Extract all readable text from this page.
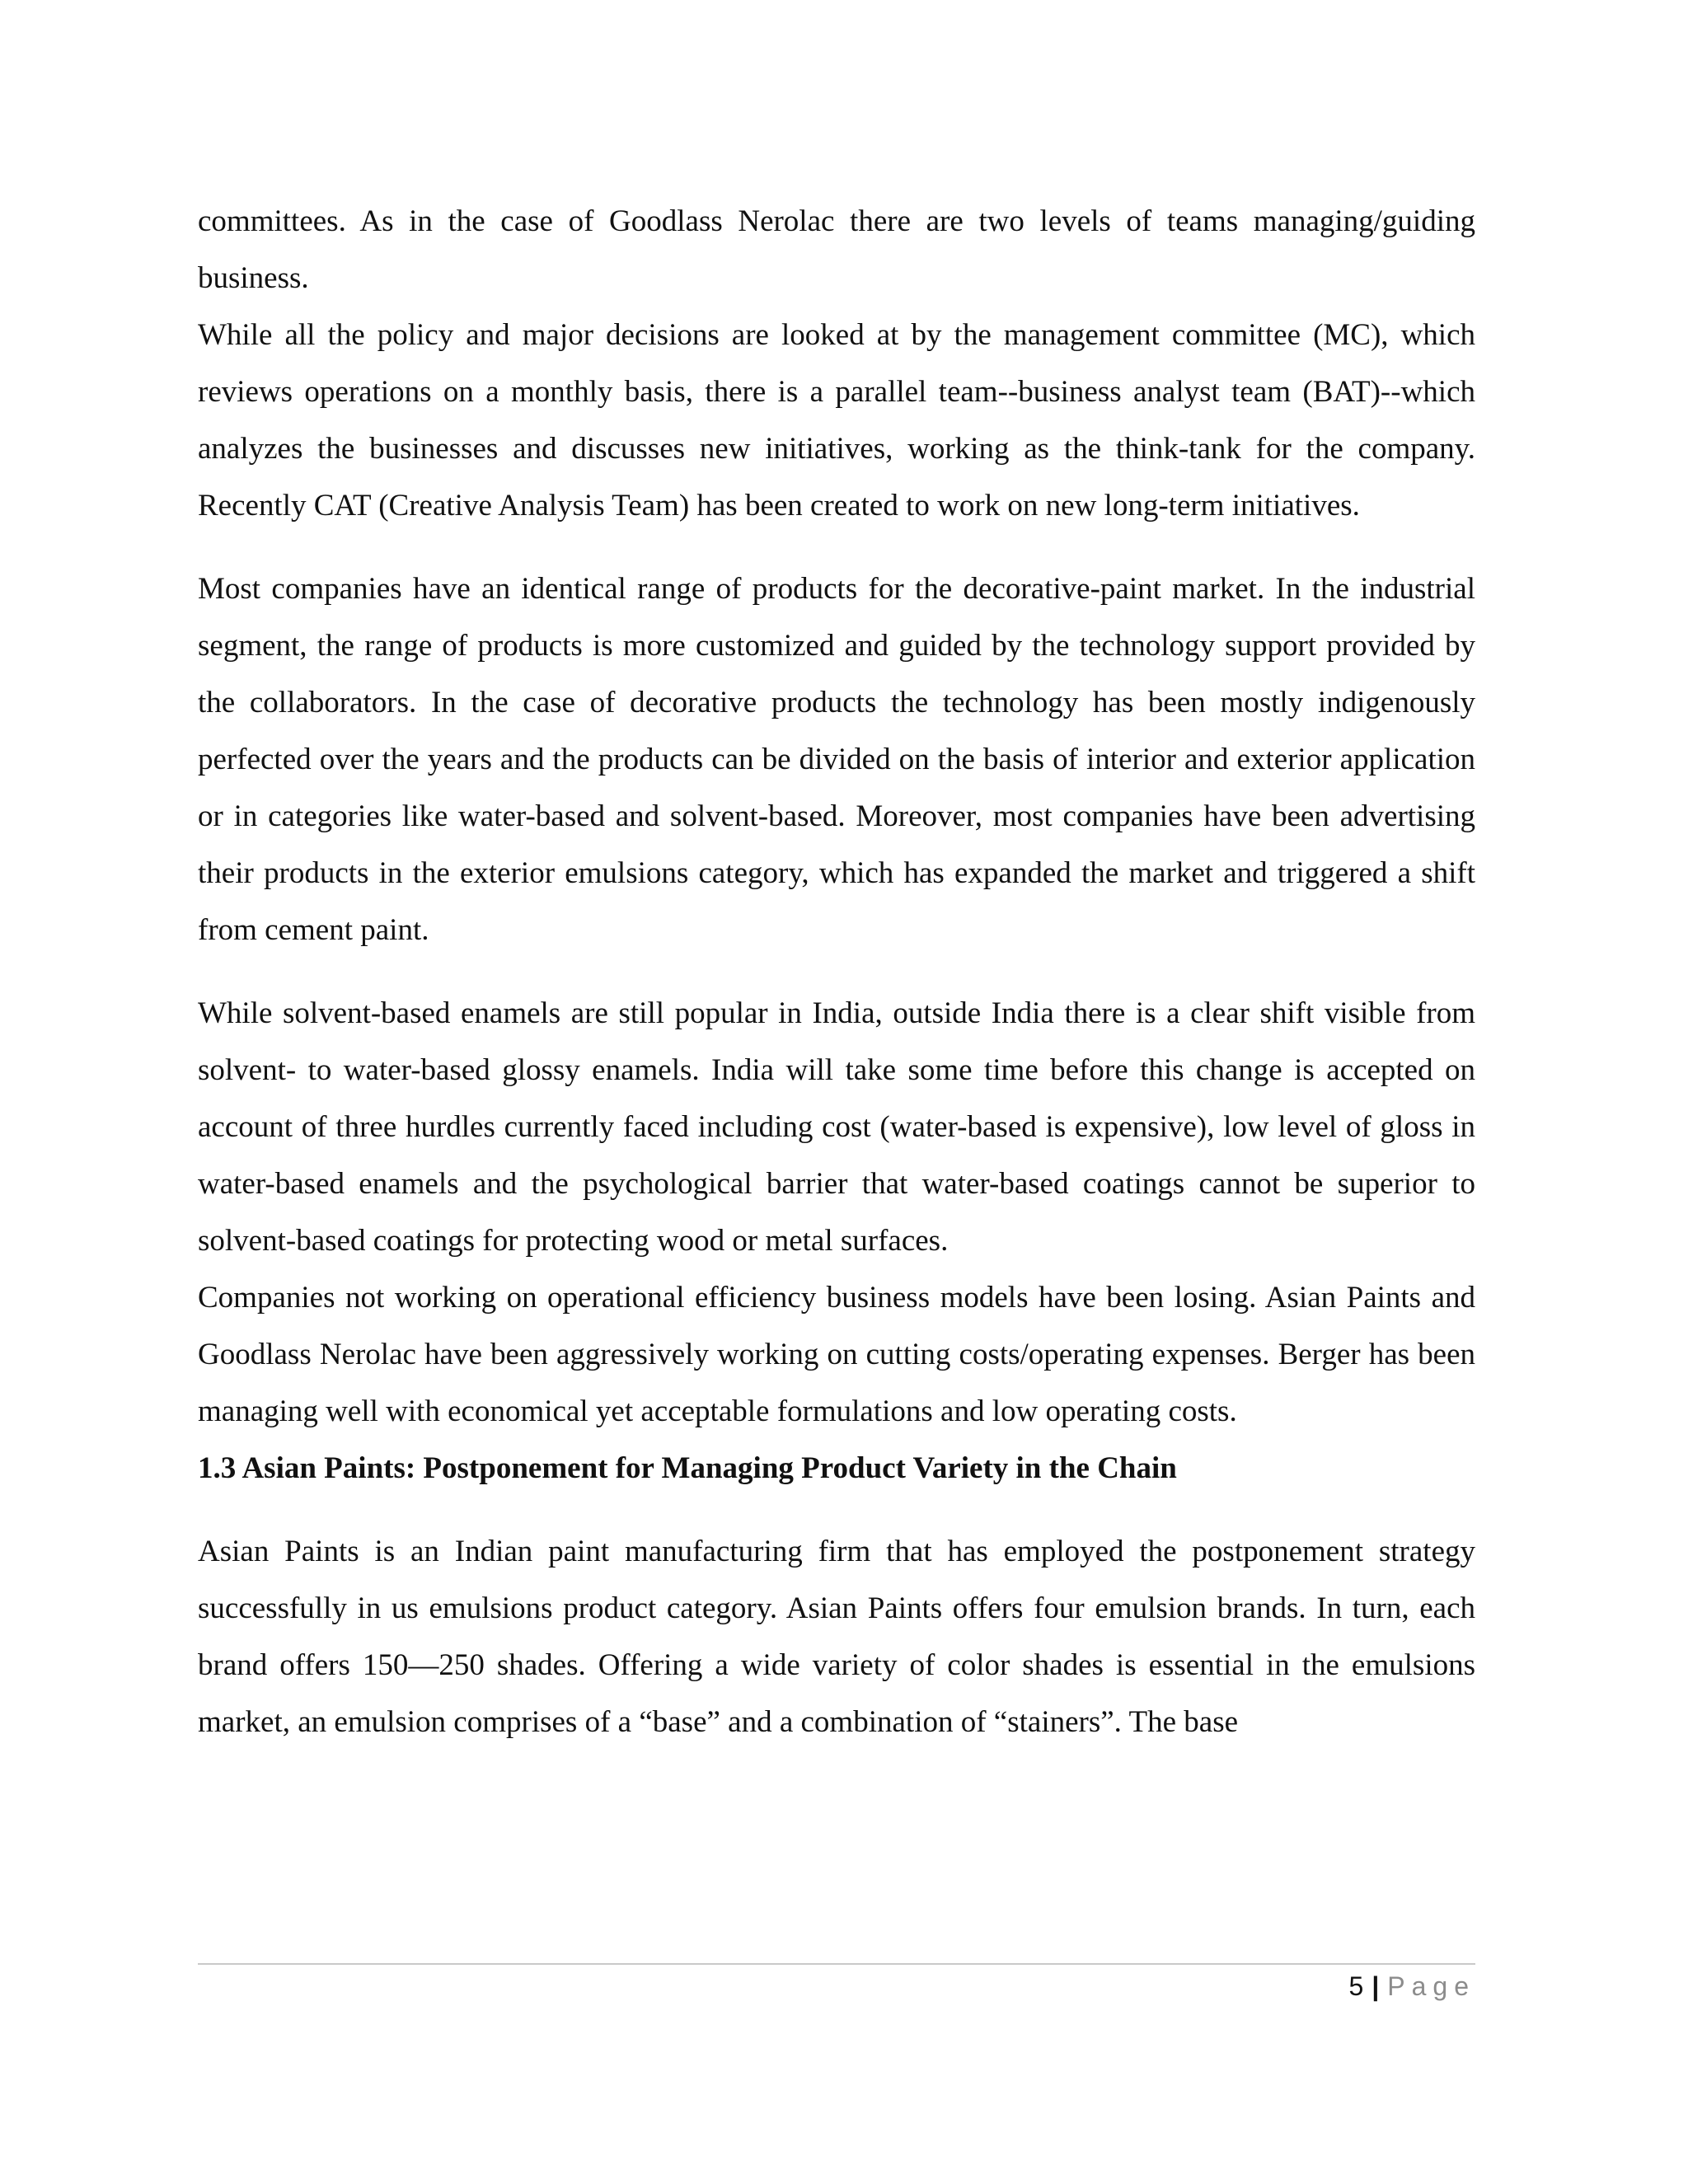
committees. As in the case of Goodlass Nerolac there are two levels of teams managing/guiding business.

While all the policy and major decisions are looked at by the management committee (MC), which reviews operations on a monthly basis, there is a parallel team--business analyst team (BAT)--which analyzes the businesses and discusses new initiatives, working as the think-tank for the company. Recently CAT (Creative Analysis Team) has been created to work on new long-term initiatives.

Most companies have an identical range of products for the decorative-paint market. In the industrial segment, the range of products is more customized and guided by the technology support provided by the collaborators. In the case of decorative products the technology has been mostly indigenously perfected over the years and the products can be divided on the basis of interior and exterior application or in categories like water-based and solvent-based. Moreover, most companies have been advertising their products in the exterior emulsions category, which has expanded the market and triggered a shift from cement paint.

While solvent-based enamels are still popular in India, outside India there is a clear shift visible from solvent- to water-based glossy enamels. India will take some time before this change is accepted on account of three hurdles currently faced including cost (water-based is expensive), low level of gloss in water-based enamels and the psychological barrier that water-based coatings cannot be superior to solvent-based coatings for protecting wood or metal surfaces.

Companies not working on operational efficiency business models have been losing. Asian Paints and Goodlass Nerolac have been aggressively working on cutting costs/operating expenses. Berger has been managing well with economical yet acceptable formulations and low operating costs.

1.3 Asian Paints: Postponement for Managing Product Variety in the Chain

Asian Paints is an Indian paint manufacturing firm that has employed the postponement strategy successfully in us emulsions product category. Asian Paints offers four emulsion brands. In turn, each brand offers 150—250 shades. Offering a wide variety of color shades is essential in the emulsions market, an emulsion comprises of a “base” and a combination of “stainers”. The base

5 | Page
